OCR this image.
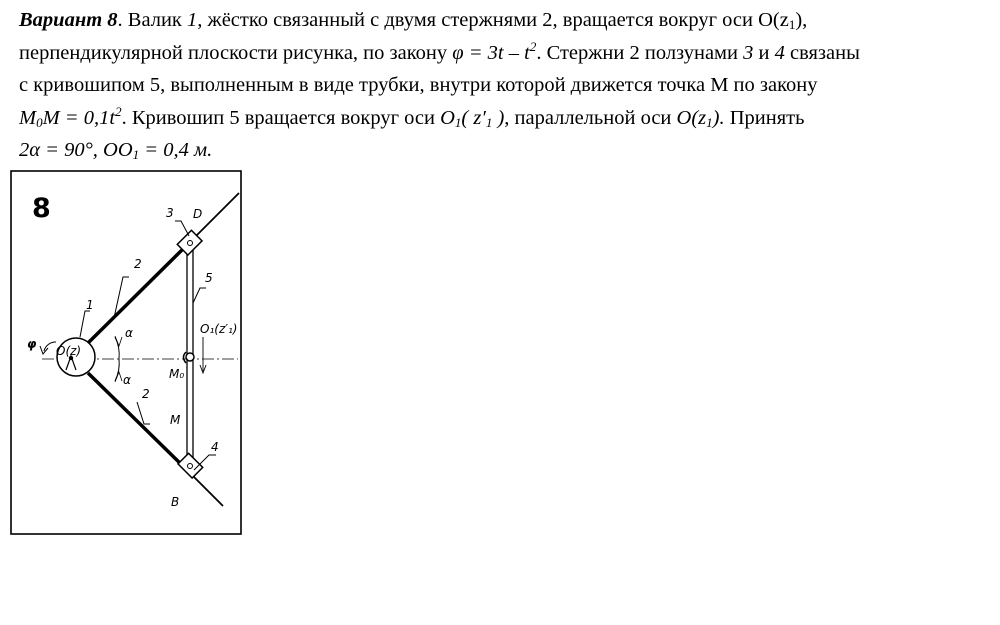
Вариант 8. Валик 1, жёстко связанный с двумя стержнями 2, вращается вокруг оси $O(z_1)$,
перпендикулярной плоскости рисунка, по закону $\varphi = 3t - t^2$. Стержни 2 ползунами 3 и 4 связаны
с кривошипом 5, выполненным в виде трубки, внутри которой движется точка М по закону
$M_0M = 0,1t^2$. Кривошип 5 вращается вокруг оси $O_1$( $z'_1$ ), параллельной оси $O(z_1)$. Принять
2α = 90°, $OO_1 = 0,4$ м.
8
O(z)
O₁(z′₁)
α
α
φ
2
2
1
3 D
5
4
B
M₀
M
